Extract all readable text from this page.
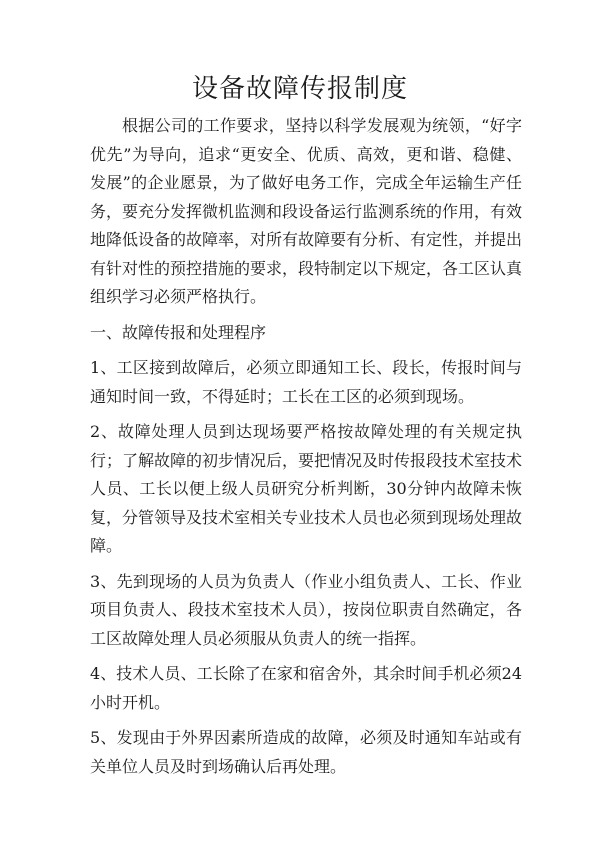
设备故障传报制度

根据公司的工作要求，坚持以科学发展观为统领，“好字优先”为导向，追求“更安全、优质、高效，更和谐、稳健、发展”的企业愿景，为了做好电务工作，完成全年运输生产任务，要充分发挥微机监测和段设备运行监测系统的作用，有效地降低设备的故障率，对所有故障要有分析、有定性，并提出有针对性的预控措施的要求，段特制定以下规定，各工区认真组织学习必须严格执行。

一、故障传报和处理程序

1、工区接到故障后，必须立即通知工长、段长，传报时间与通知时间一致，不得延时；工长在工区的必须到现场。

2、故障处理人员到达现场要严格按故障处理的有关规定执行；了解故障的初步情况后，要把情况及时传报段技术室技术人员、工长以便上级人员研究分析判断，30分钟内故障未恢复，分管领导及技术室相关专业技术人员也必须到现场处理故障。

3、先到现场的人员为负责人（作业小组负责人、工长、作业项目负责人、段技术室技术人员），按岗位职责自然确定，各工区故障处理人员必须服从负责人的统一指挥。

4、技术人员、工长除了在家和宿舍外，其余时间手机必须24小时开机。

5、发现由于外界因素所造成的故障，必须及时通知车站或有关单位人员及时到场确认后再处理。
